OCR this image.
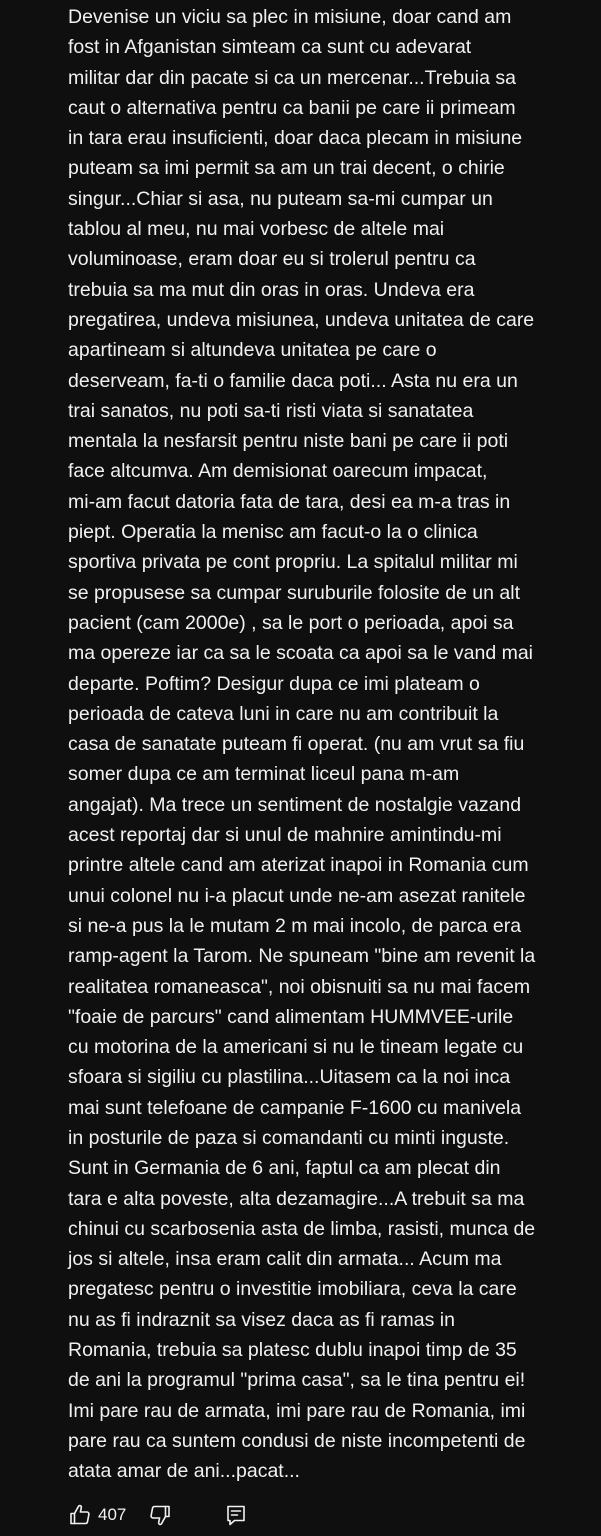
Devenise un viciu sa plec in misiune, doar cand am
fost in Afganistan simteam ca sunt cu adevarat
militar dar din pacate si ca un mercenar...Trebuia sa
caut o alternativa pentru ca banii pe care ii primeam
in tara erau insuficienti, doar daca plecam in misiune
puteam sa imi permit sa am un trai decent, o chirie
singur...Chiar si asa, nu puteam sa-mi cumpar un
tablou al meu, nu mai vorbesc de altele mai
voluminoase, eram doar eu si trolerul pentru ca
trebuia sa ma mut din oras in oras. Undeva era
pregatirea, undeva misiunea, undeva unitatea de care
apartineam si altundeva unitatea pe care o
deserveam, fa-ti o familie daca poti... Asta nu era un
trai sanatos, nu poti sa-ti risti viata si sanatatea
mentala la nesfarsit pentru niste bani pe care ii poti
face altcumva. Am demisionat oarecum impacat,
mi-am facut datoria fata de tara, desi ea m-a tras in
piept. Operatia la menisc am facut-o la o clinica
sportiva privata pe cont propriu. La spitalul militar mi
se propusese sa cumpar suruburile folosite de un alt
pacient (cam 2000e) , sa le port o perioada, apoi sa
ma opereze iar ca sa le scoata ca apoi sa le vand mai
departe. Poftim? Desigur dupa ce imi plateam o
perioada de cateva luni in care nu am contribuit la
casa de sanatate puteam fi operat. (nu am vrut sa fiu
somer dupa ce am terminat liceul pana m-am
angajat). Ma trece un sentiment de nostalgie vazand
acest reportaj dar si unul de mahnire amintindu-mi
printre altele cand am aterizat inapoi in Romania cum
unui colonel nu i-a placut unde ne-am asezat ranitele
si ne-a pus la le mutam 2 m mai incolo, de parca era
ramp-agent la Tarom. Ne spuneam "bine am revenit la
realitatea romaneasca", noi obisnuiti sa nu mai facem
"foaie de parcurs" cand alimentam HUMMVEE-urile
cu motorina de la americani si nu le tineam legate cu
sfoara si sigiliu cu plastilina...Uitasem ca la noi inca
mai sunt telefoane de campanie F-1600 cu manivela
in posturile de paza si comandanti cu minti inguste.
Sunt in Germania de 6 ani, faptul ca am plecat din
tara e alta poveste, alta dezamagire...A trebuit sa ma
chinui cu scarbosenia asta de limba, rasisti, munca de
jos si altele, insa eram calit din armata... Acum ma
pregatesc pentru o investitie imobiliara, ceva la care
nu as fi indraznit sa visez daca as fi ramas in
Romania, trebuia sa platesc dublu inapoi timp de 35
de ani la programul "prima casa", sa le tina pentru ei!
Imi pare rau de armata, imi pare rau de Romania, imi
pare rau ca suntem condusi de niste incompetenti de
atata amar de ani...pacat...
407
